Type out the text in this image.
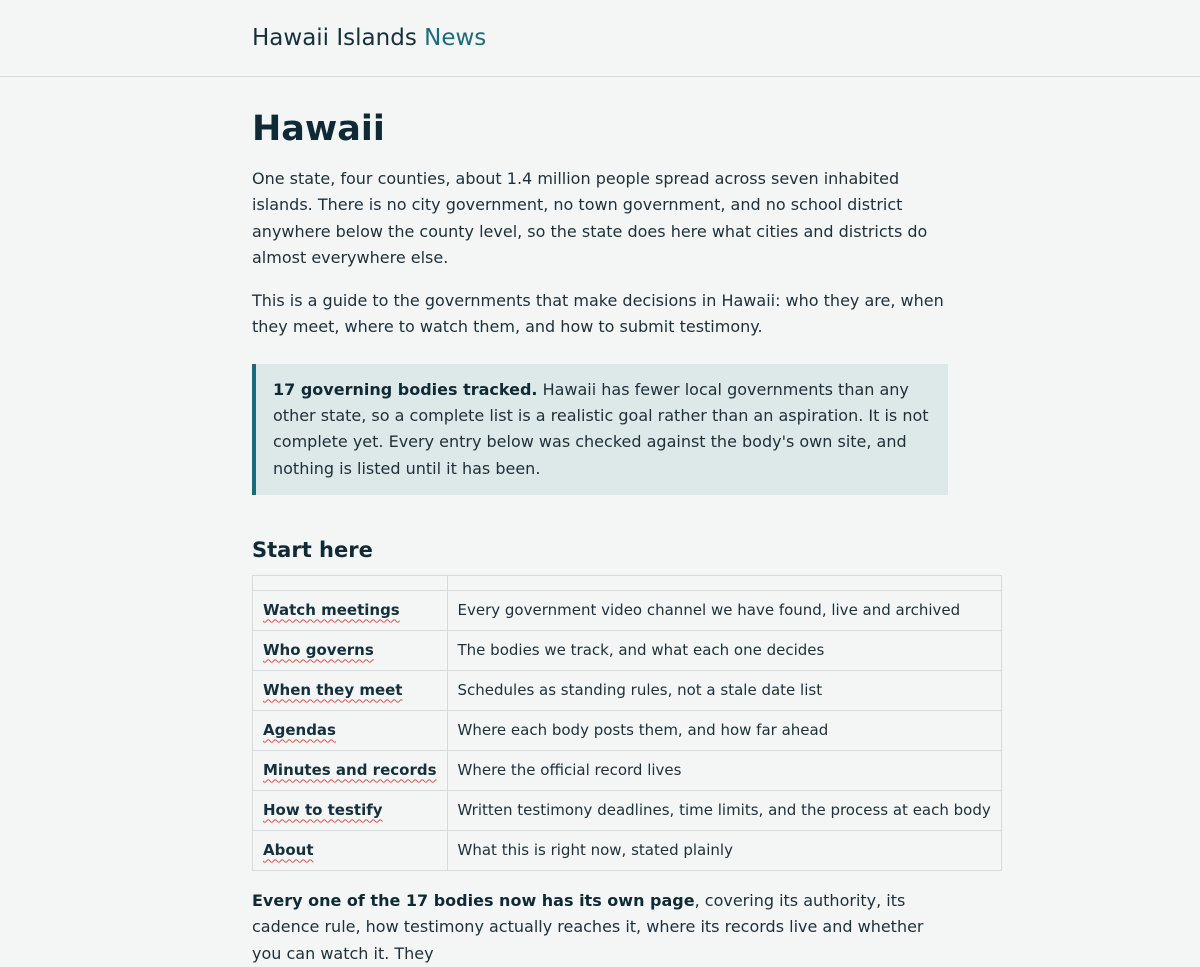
Hawaii Islands News
Hawaii

One state, four counties, about 1.4 million people spread across seven inhabited islands. There is no city government, no town government, and no school district anywhere below the county level, so the state does here what cities and districts do almost everywhere else.

This is a guide to the governments that make decisions in Hawaii: who they are, when they meet, where to watch them, and how to submit testimony.

17 governing bodies tracked. Hawaii has fewer local governments than any other state, so a complete list is a realistic goal rather than an aspiration. It is not complete yet. Every entry below was checked against the body's own site, and nothing is listed until it has been.
Start here

Watch meetings	Every government video channel we have found, live and archived
Who governs	The bodies we track, and what each one decides
When they meet	Schedules as standing rules, not a stale date list
Agendas	Where each body posts them, and how far ahead
Minutes and records	Where the official record lives
How to testify	Written testimony deadlines, time limits, and the process at each body
About	What this is right now, stated plainly

Every one of the 17 bodies now has its own page, covering its authority, its cadence rule, how testimony actually reaches it, where its records live and whether you can watch it. They
